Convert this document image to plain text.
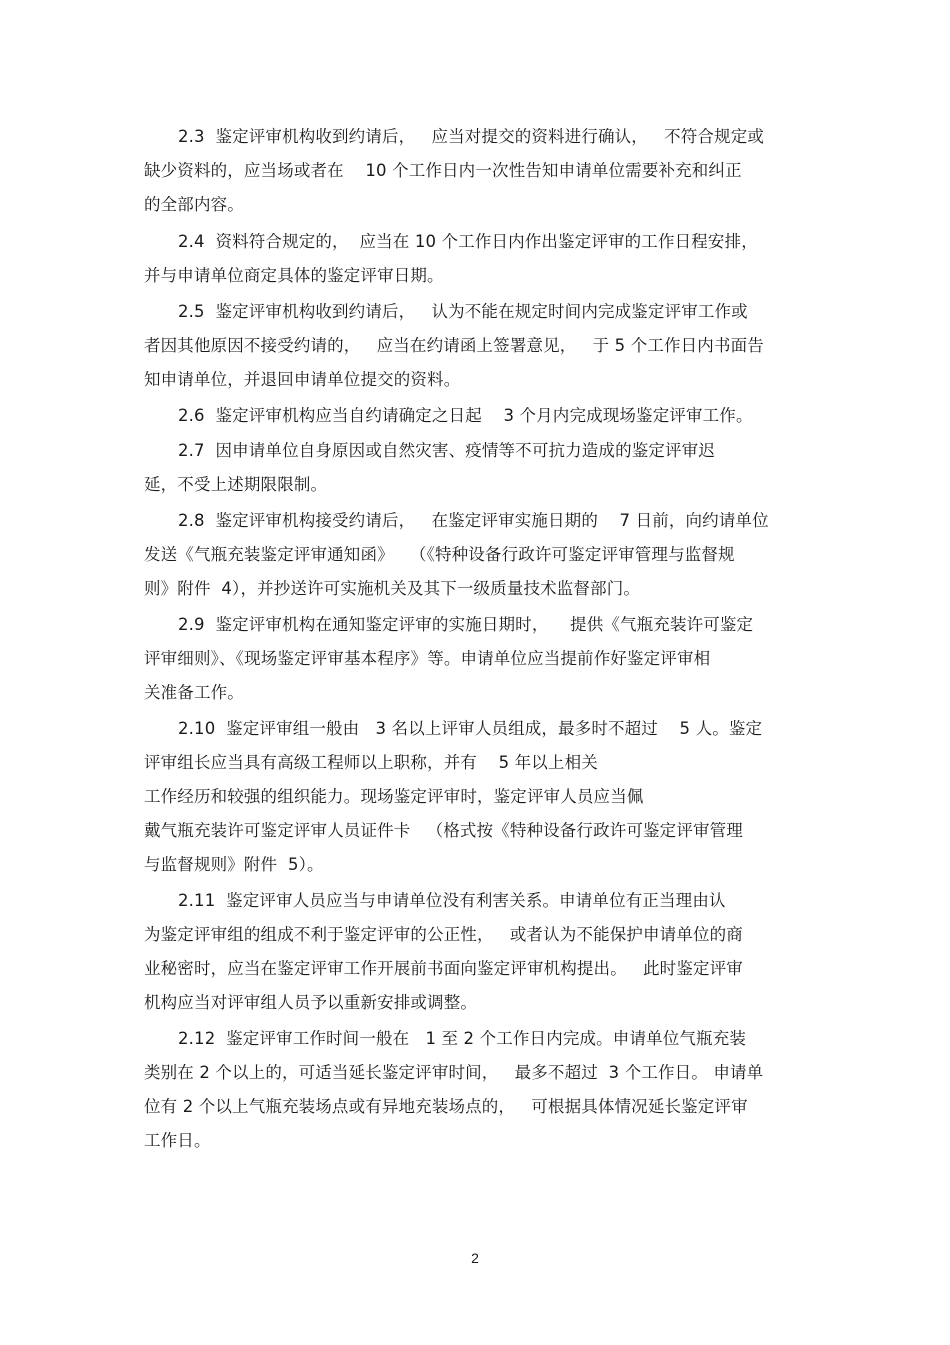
2.3  鉴定评审机构收到约请后，   应当对提交的资料进行确认，   不符合规定或
缺少资料的，应当场或者在    10 个工作日内一次性告知申请单位需要补充和纠正
的全部内容。
2.4  资料符合规定的，  应当在 10 个工作日内作出鉴定评审的工作日程安排，
并与申请单位商定具体的鉴定评审日期。
2.5  鉴定评审机构收到约请后，   认为不能在规定时间内完成鉴定评审工作或
者因其他原因不接受约请的，   应当在约请函上签署意见，   于 5 个工作日内书面告
知申请单位，并退回申请单位提交的资料。
2.6  鉴定评审机构应当自约请确定之日起    3 个月内完成现场鉴定评审工作。
2.7  因申请单位自身原因或自然灾害、疫情等不可抗力造成的鉴定评审迟
延，不受上述期限限制。
2.8  鉴定评审机构接受约请后，   在鉴定评审实施日期的    7 日前，向约请单位
发送《气瓶充装鉴定评审通知函》   （《特种设备行政许可鉴定评审管理与监督规
则》附件  4），并抄送许可实施机关及其下一级质量技术监督部门。
2.9  鉴定评审机构在通知鉴定评审的实施日期时，    提供《气瓶充装许可鉴定
评审细则》、《现场鉴定评审基本程序》等。申请单位应当提前作好鉴定评审相
关准备工作。
2.10  鉴定评审组一般由   3 名以上评审人员组成，最多时不超过    5 人。鉴定
评审组长应当具有高级工程师以上职称，并有    5 年以上相关
工作经历和较强的组织能力。现场鉴定评审时，鉴定评审人员应当佩
戴气瓶充装许可鉴定评审人员证件卡   （格式按《特种设备行政许可鉴定评审管理
与监督规则》附件  5）。
2.11  鉴定评审人员应当与申请单位没有利害关系。申请单位有正当理由认
为鉴定评审组的组成不利于鉴定评审的公正性，   或者认为不能保护申请单位的商
业秘密时，应当在鉴定评审工作开展前书面向鉴定评审机构提出。   此时鉴定评审
机构应当对评审组人员予以重新安排或调整。
2.12  鉴定评审工作时间一般在   1 至 2 个工作日内完成。申请单位气瓶充装
类别在 2 个以上的，可适当延长鉴定评审时间，   最多不超过  3 个工作日。 申请单
位有 2 个以上气瓶充装场点或有异地充装场点的，   可根据具体情况延长鉴定评审
工作日。
2
